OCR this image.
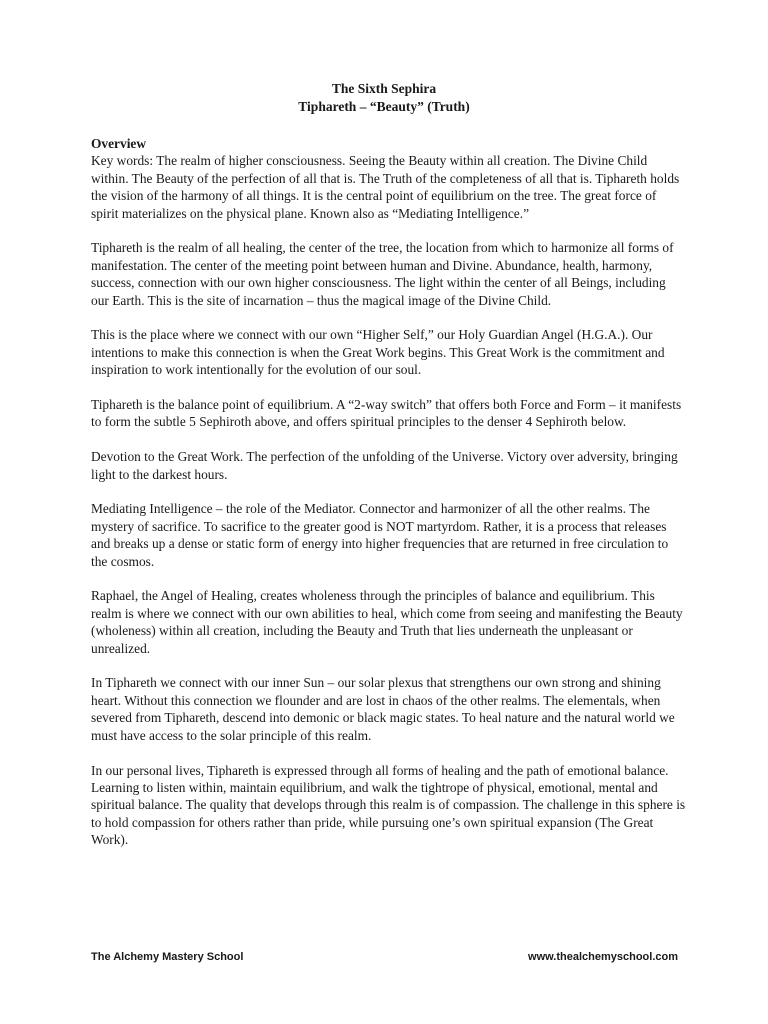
The Sixth Sephira

Tiphareth – “Beauty” (Truth)

Overview

Key words: The realm of higher consciousness. Seeing the Beauty within all creation. The Divine Child within. The Beauty of the perfection of all that is. The Truth of the completeness of all that is. Tiphareth holds the vision of the harmony of all things. It is the central point of equilibrium on the tree. The great force of spirit materializes on the physical plane. Known also as “Mediating Intelligence.”

Tiphareth is the realm of all healing, the center of the tree, the location from which to harmonize all forms of manifestation. The center of the meeting point between human and Divine. Abundance, health, harmony, success, connection with our own higher consciousness. The light within the center of all Beings, including our Earth. This is the site of incarnation – thus the magical image of the Divine Child.

This is the place where we connect with our own “Higher Self,” our Holy Guardian Angel (H.G.A.). Our intentions to make this connection is when the Great Work begins. This Great Work is the commitment and inspiration to work intentionally for the evolution of our soul.

Tiphareth is the balance point of equilibrium. A “2-way switch” that offers both Force and Form – it manifests to form the subtle 5 Sephiroth above, and offers spiritual principles to the denser 4 Sephiroth below.

Devotion to the Great Work. The perfection of the unfolding of the Universe. Victory over adversity, bringing light to the darkest hours.

Mediating Intelligence – the role of the Mediator. Connector and harmonizer of all the other realms. The mystery of sacrifice. To sacrifice to the greater good is NOT martyrdom. Rather, it is a process that releases and breaks up a dense or static form of energy into higher frequencies that are returned in free circulation to the cosmos.

Raphael, the Angel of Healing, creates wholeness through the principles of balance and equilibrium. This realm is where we connect with our own abilities to heal, which come from seeing and manifesting the Beauty (wholeness) within all creation, including the Beauty and Truth that lies underneath the unpleasant or unrealized.

In Tiphareth we connect with our inner Sun – our solar plexus that strengthens our own strong and shining heart. Without this connection we flounder and are lost in chaos of the other realms. The elementals, when severed from Tiphareth, descend into demonic or black magic states. To heal nature and the natural world we must have access to the solar principle of this realm.

In our personal lives, Tiphareth is expressed through all forms of healing and the path of emotional balance. Learning to listen within, maintain equilibrium, and walk the tightrope of physical, emotional, mental and spiritual balance. The quality that develops through this realm is of compassion. The challenge in this sphere is to hold compassion for others rather than pride, while pursuing one’s own spiritual expansion (The Great Work).

The Alchemy Mastery School	www.thealchemyschool.com
